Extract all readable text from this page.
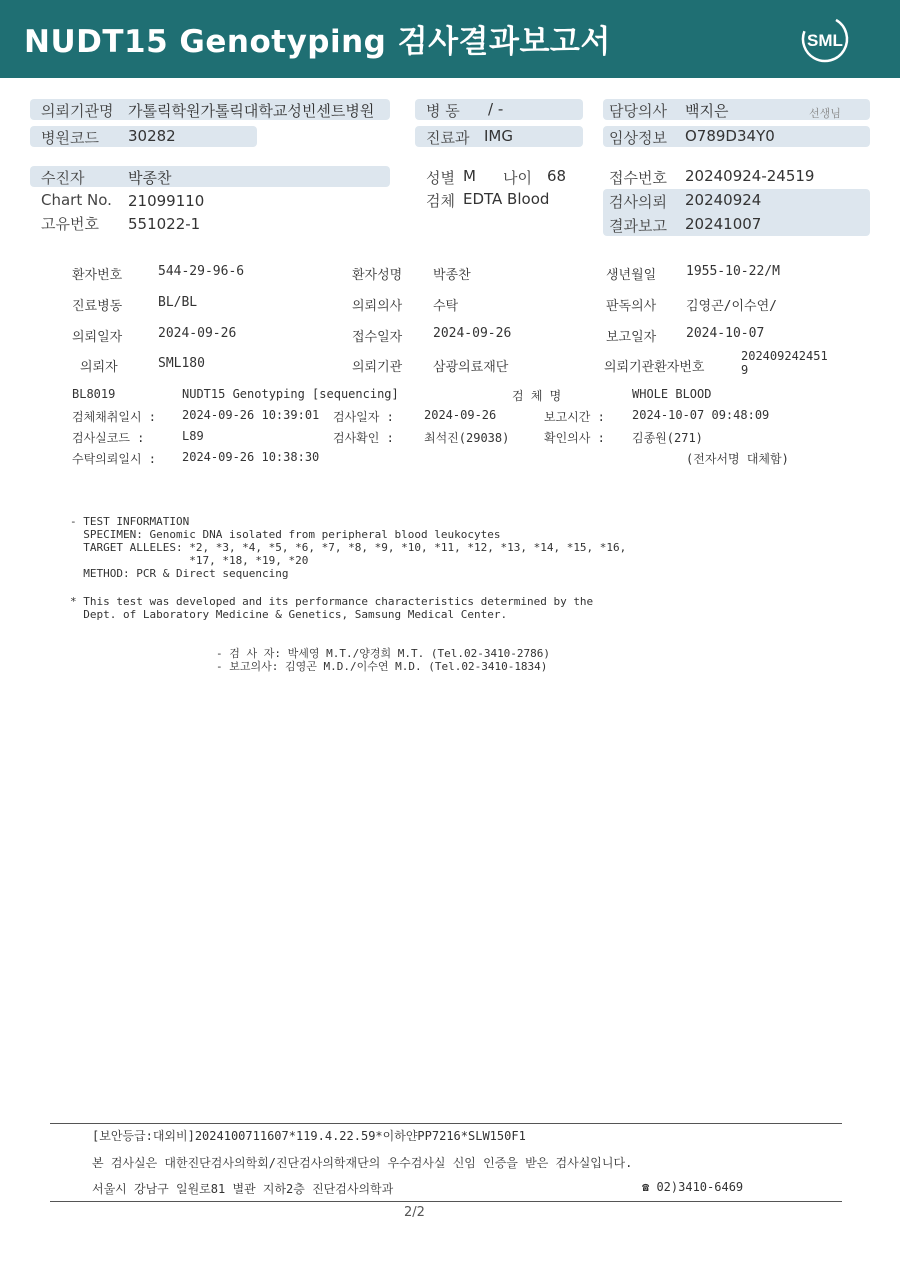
NUDT15 Genotyping 검사결과보고서	SML
의뢰기관명 가톨릭학원가톨릭대학교성빈센트병원	병 동 / -	담당의사 백지은	선생님
병원코드 30282	진료과 IMG	임상정보 O789D34Y0
수진자	박종찬	성별 M 나이 68	접수번호 20240924-24519
Chart No. 21099110	검체 EDTA Blood	검사의뢰 20240924
고유번호 551022-1	결과보고 20241007
환자번호	544-29-96-6	환자성명 박종찬	생년월일 1955-10-22/M
진료병동	BL/BL	의뢰의사 수탁	판독의사 김영곤/이수연/
의뢰일자	2024-09-26	접수일자 2024-09-26	보고일자 2024-10-07
의뢰자	SML180	의뢰기관 삼광의료재단	의뢰기관환자번호
202409242451
9
BL8019	NUDT15 Genotyping [sequencing]	검 체 명	WHOLE BLOOD
검체채취일시 : 2024-09-26 10:39:01 검사일자 :	2024-09-26	보고시간 : 2024-10-07 09:48:09
검사실코드 :	L89	검사확인 :	최석진(29038)	확인의사 : 김종원(271)
수탁의뢰일시 : 2024-09-26 10:38:30	(전자서명 대체함)
- TEST INFORMATION
SPECIMEN: Genomic DNA isolated from peripheral blood leukocytes
TARGET ALLELES: *2, *3, *4, *5, *6, *7, *8, *9, *10, *11, *12, *13, *14, *15, *16,
*17, *18, *19, *20
METHOD: PCR & Direct sequencing
* This test was developed and its performance characteristics determined by the
Dept. of Laboratory Medicine & Genetics, Samsung Medical Center.
- 검 사 자: 박세영 M.T./양경희 M.T. (Tel.02-3410-2786)
- 보고의사: 김영곤 M.D./이수연 M.D. (Tel.02-3410-1834)
[보안등급:대외비]2024100711607*119.4.22.59*이하얀PP7216*SLW150F1
본 검사실은 대한진단검사의학회/진단검사의학재단의 우수검사실 신임 인증을 받은 검사실입니다.
서울시 강남구 일원로81 별관 지하2층 진단검사의학과	☎ 02)3410-6469
2/2
